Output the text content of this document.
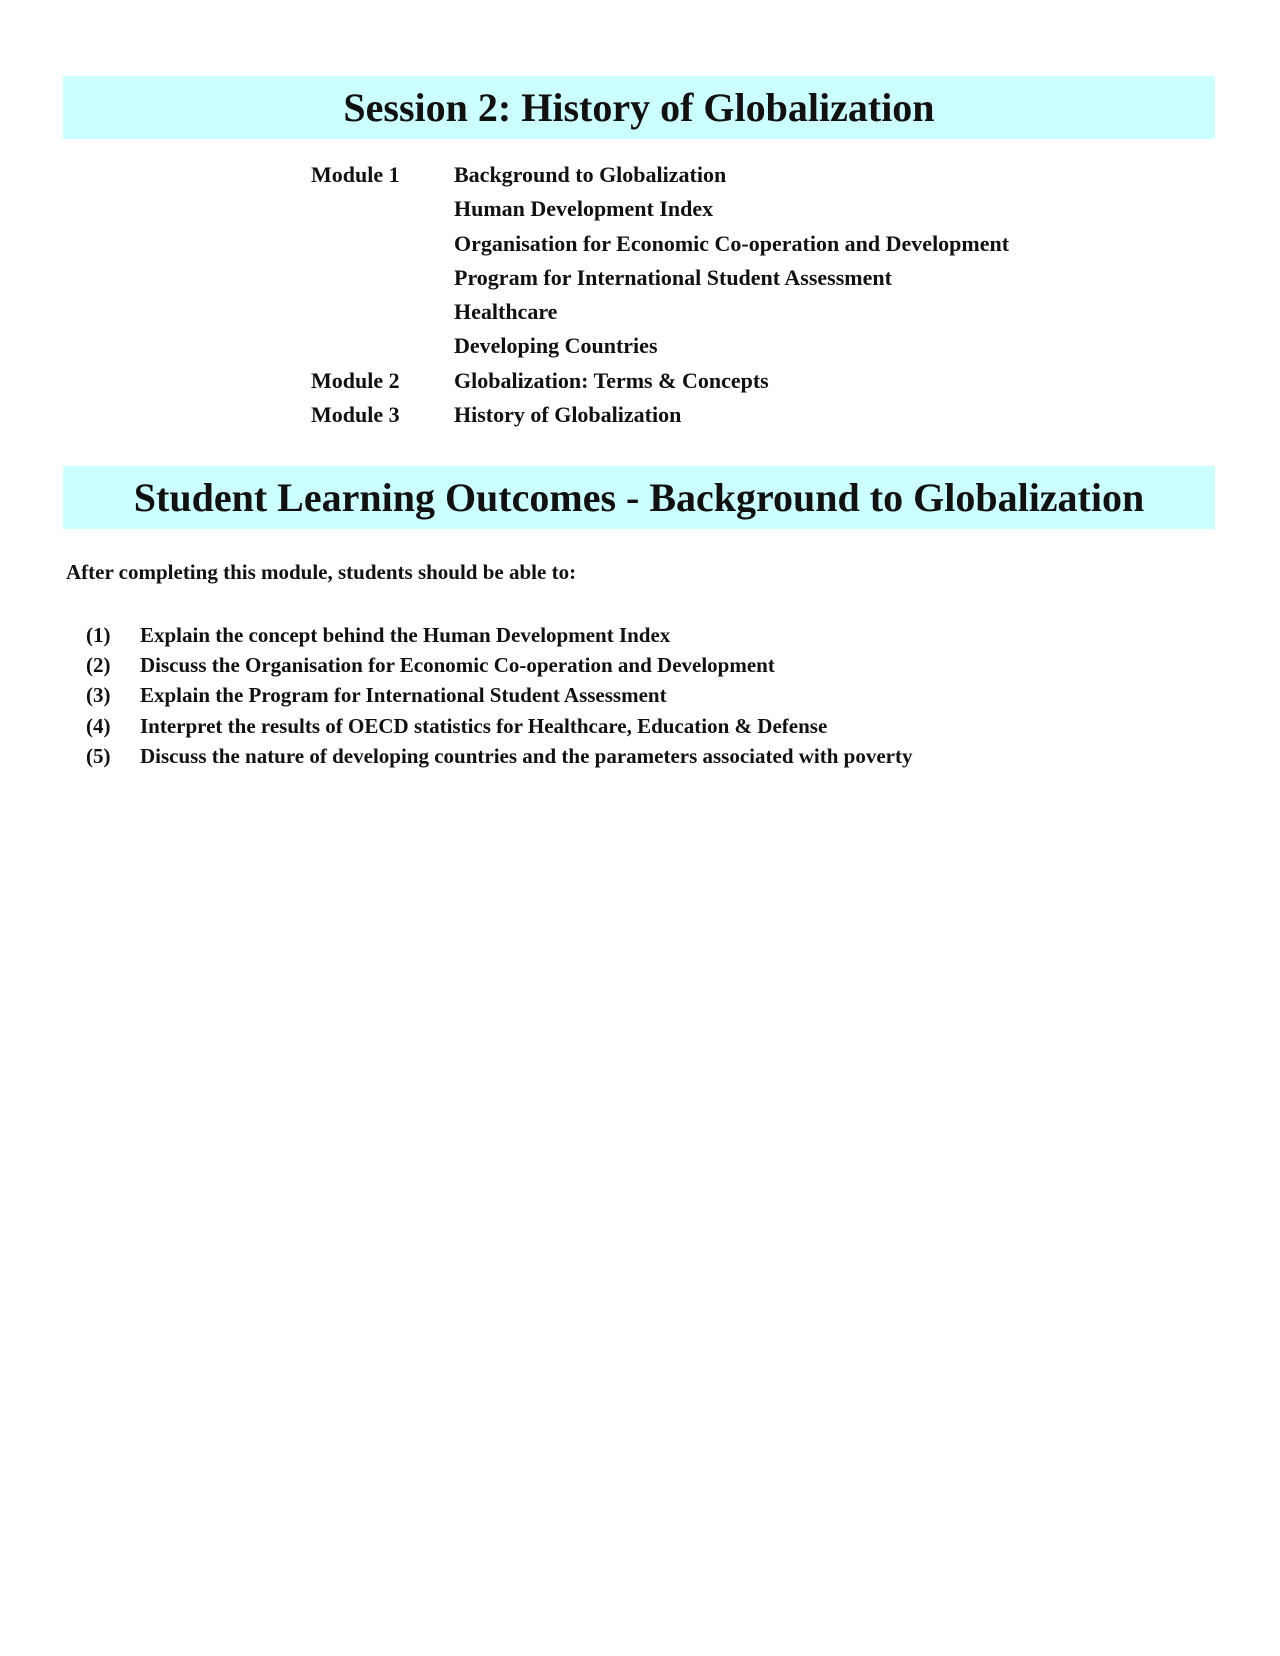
Session 2: History of Globalization
Module 1	Background to Globalization
Human Development Index
Organisation for Economic Co-operation and Development
Program for International Student Assessment
Healthcare
Developing Countries
Module 2	Globalization: Terms & Concepts
Module 3	History of Globalization
Student Learning Outcomes - Background to Globalization
After completing this module, students should be able to:
(1)	Explain the concept behind the Human Development Index
(2)	Discuss the Organisation for Economic Co-operation and Development
(3)	Explain the Program for International Student Assessment
(4)	Interpret the results of OECD statistics for Healthcare, Education & Defense
(5)	Discuss the nature of developing countries and the parameters associated with poverty
